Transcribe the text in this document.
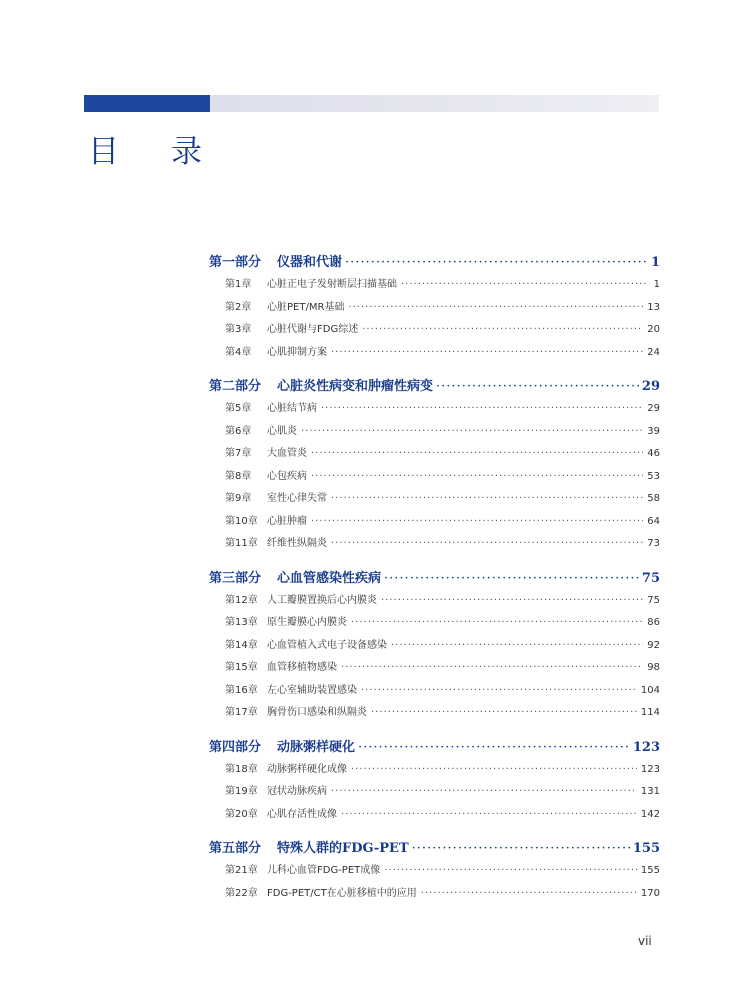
目录
第一部分 仪器和代谢 ·····	1
第1章	心脏正电子发射断层扫描基础 ·····	1
第2章	心脏PET/MR基础 ·····	13
第3章	心脏代谢与FDG综述 ·····	20
第4章	心肌抑制方案 ·····	24
第二部分 心脏炎性病变和肿瘤性病变 ·····	29
第5章	心脏结节病 ·····	29
第6章	心肌炎 ·····	39
第7章	大血管炎 ·····	46
第8章	心包疾病 ·····	53
第9章	室性心律失常 ·····	58
第10章 心脏肿瘤 ·····	64
第11章 纤维性纵隔炎 ·····	73
第三部分 心血管感染性疾病 ·····	75
第12章 人工瓣膜置换后心内膜炎 ·····	75
第13章 原生瓣膜心内膜炎 ·····	86
第14章 心血管植入式电子设备感染 ·····	92
第15章 血管移植物感染 ·····	98
第16章 左心室辅助装置感染 ·····	104
第17章 胸骨伤口感染和纵隔炎 ·····	114
第四部分 动脉粥样硬化 ·····	123
第18章 动脉粥样硬化成像 ·····	123
第19章 冠状动脉疾病 ·····	131
第20章 心肌存活性成像 ·····	142
第五部分 特殊人群的FDG-PET ·····	155
第21章 儿科心血管FDG-PET成像 ·····	155
第22章 FDG-PET/CT在心脏移植中的应用 ·····	170
vii
